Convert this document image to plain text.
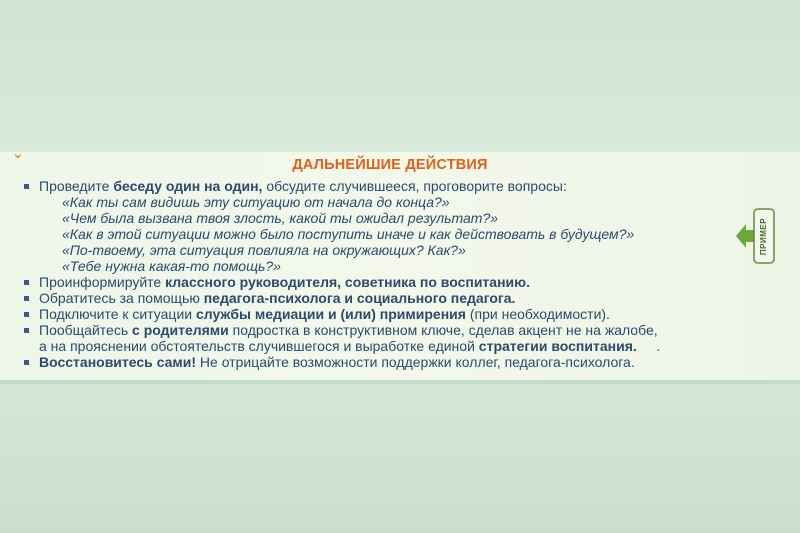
⌄
ДАЛЬНЕЙШИЕ ДЕЙСТВИЯ
Проведите беседу один на один, обсудите случившееся, проговорите вопросы:
«Как ты сам видишь эту ситуацию от начала до конца?»
«Чем была вызвана твоя злость, какой ты ожидал результат?»
«Как в этой ситуации можно было поступить иначе и как действовать в будущем?»
«По-твоему, эта ситуация повлияла на окружающих? Как?»
«Тебе нужна какая-то помощь?»
Проинформируйте классного руководителя, советника по воспитанию.
Обратитесь за помощью педагога-психолога и социального педагога.
Подключите к ситуации службы медиации и (или) примирения (при необходимости).
Пообщайтесь с родителями подростка в конструктивном ключе, сделав акцент не на жалобе,
а на прояснении обстоятельств случившегося и выработке единой стратегии воспитания.     .
Восстановитесь сами! Не отрицайте возможности поддержки коллег, педагога-психолога.
ПРИМЕР
